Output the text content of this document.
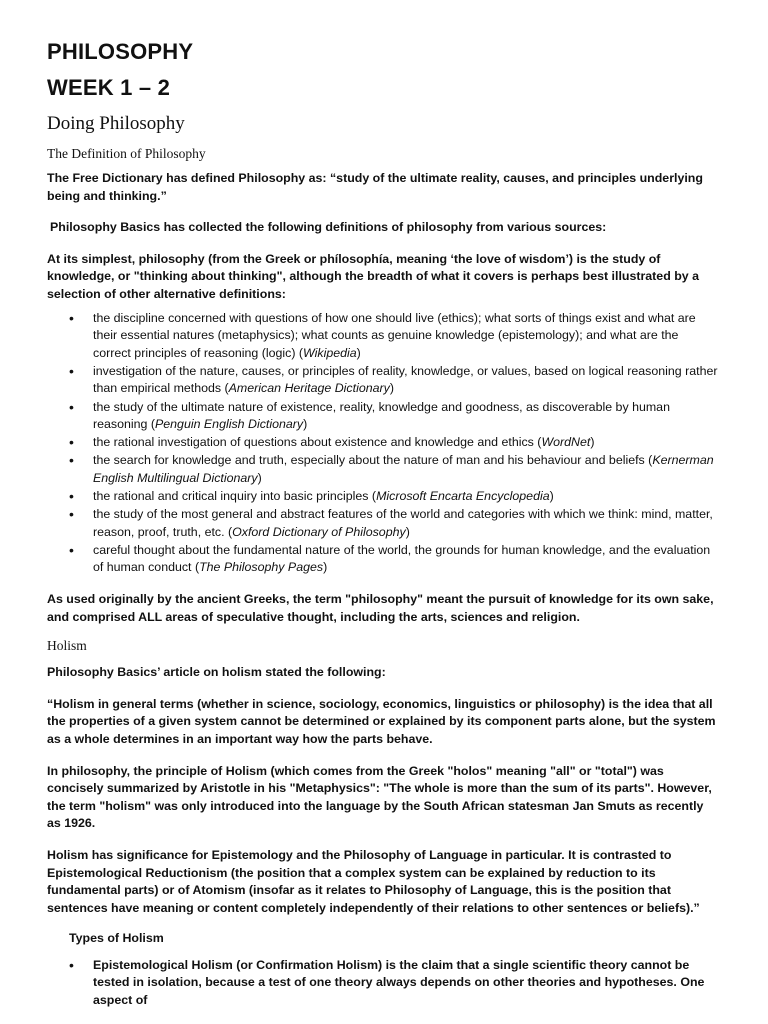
PHILOSOPHY
WEEK 1 – 2
Doing Philosophy
The Definition of Philosophy

The Free Dictionary has defined Philosophy as: “study of the ultimate reality, causes, and principles underlying being and thinking.”

Philosophy Basics has collected the following definitions of philosophy from various sources:

At its simplest, philosophy (from the Greek or phílosophía, meaning ‘the love of wisdom’) is the study of knowledge, or "thinking about thinking", although the breadth of what it covers is perhaps best illustrated by a selection of other alternative definitions:

• the discipline concerned with questions of how one should live (ethics); what sorts of things exist and what are their essential natures (metaphysics); what counts as genuine knowledge (epistemology); and what are the correct principles of reasoning (logic) (Wikipedia)
• investigation of the nature, causes, or principles of reality, knowledge, or values, based on logical reasoning rather than empirical methods (American Heritage Dictionary)
• the study of the ultimate nature of existence, reality, knowledge and goodness, as discoverable by human reasoning (Penguin English Dictionary)
• the rational investigation of questions about existence and knowledge and ethics (WordNet)
• the search for knowledge and truth, especially about the nature of man and his behaviour and beliefs (Kernerman English Multilingual Dictionary)
• the rational and critical inquiry into basic principles (Microsoft Encarta Encyclopedia)
• the study of the most general and abstract features of the world and categories with which we think: mind, matter, reason, proof, truth, etc. (Oxford Dictionary of Philosophy)
• careful thought about the fundamental nature of the world, the grounds for human knowledge, and the evaluation of human conduct (The Philosophy Pages)

As used originally by the ancient Greeks, the term "philosophy" meant the pursuit of knowledge for its own sake, and comprised ALL areas of speculative thought, including the arts, sciences and religion.

Holism

Philosophy Basics’ article on holism stated the following:

“Holism in general terms (whether in science, sociology, economics, linguistics or philosophy) is the idea that all the properties of a given system cannot be determined or explained by its component parts alone, but the system as a whole determines in an important way how the parts behave.

In philosophy, the principle of Holism (which comes from the Greek "holos" meaning "all" or "total") was concisely summarized by Aristotle in his "Metaphysics": "The whole is more than the sum of its parts". However, the term "holism" was only introduced into the language by the South African statesman Jan Smuts as recently as 1926.

Holism has significance for Epistemology and the Philosophy of Language in particular. It is contrasted to Epistemological Reductionism (the position that a complex system can be explained by reduction to its fundamental parts) or of Atomism (insofar as it relates to Philosophy of Language, this is the position that sentences have meaning or content completely independently of their relations to other sentences or beliefs).”

Types of Holism

• Epistemological Holism (or Confirmation Holism) is the claim that a single scientific theory cannot be tested in isolation, because a test of one theory always depends on other theories and hypotheses. One aspect of
